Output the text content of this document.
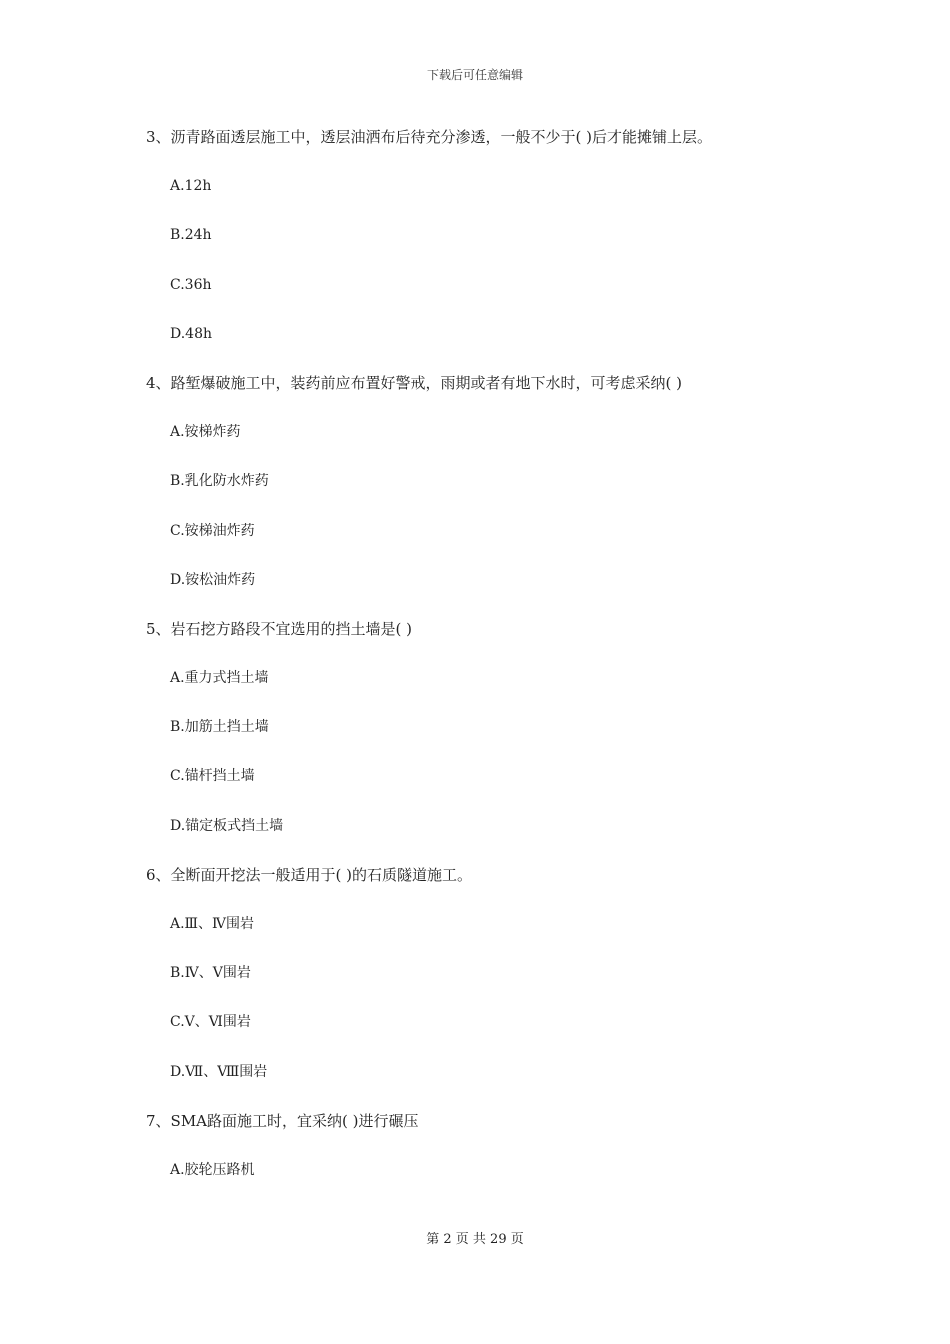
下载后可任意编辑
3、沥青路面透层施工中，透层油洒布后待充分渗透，一般不少于( )后才能摊铺上层。
A.12h
B.24h
C.36h
D.48h
4、路堑爆破施工中，装药前应布置好警戒，雨期或者有地下水时，可考虑采纳( )
A.铵梯炸药
B.乳化防水炸药
C.铵梯油炸药
D.铵松油炸药
5、岩石挖方路段不宜选用的挡土墙是( )
A.重力式挡土墙
B.加筋土挡土墙
C.锚杆挡土墙
D.锚定板式挡土墙
6、全断面开挖法一般适用于( )的石质隧道施工。
A.Ⅲ、Ⅳ围岩
B.Ⅳ、Ⅴ围岩
C.Ⅴ、Ⅵ围岩
D.Ⅶ、Ⅷ围岩
7、SMA路面施工时，宜采纳( )进行碾压
A.胶轮压路机
第 2 页 共 29 页
